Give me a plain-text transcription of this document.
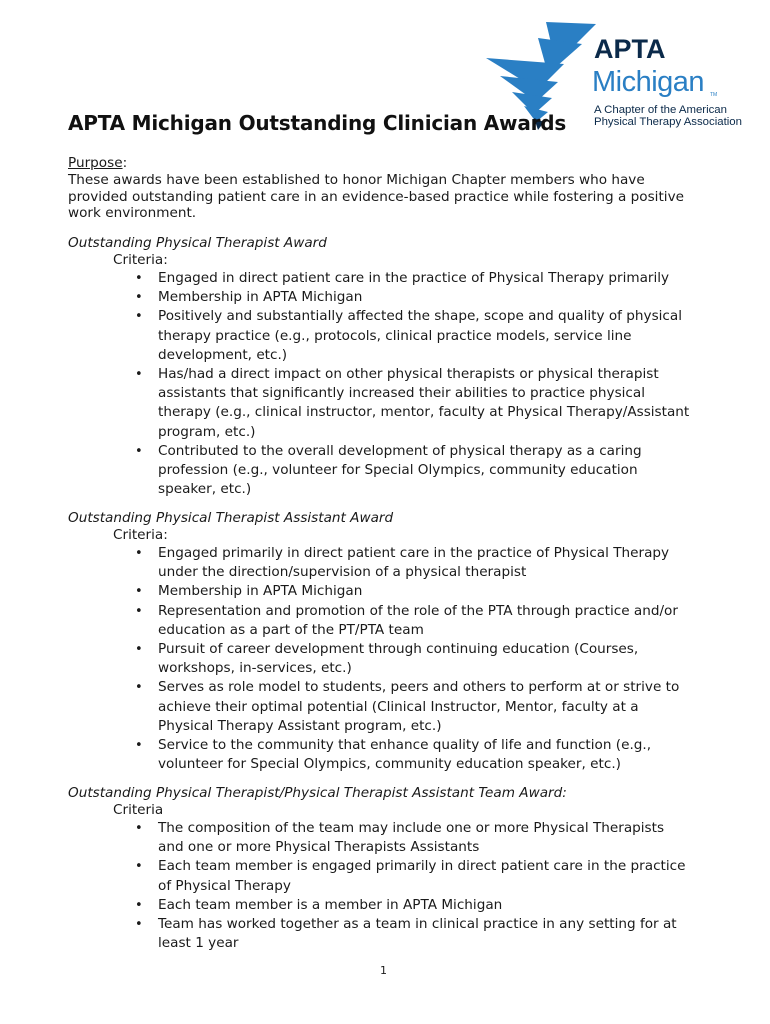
APTA
Michigan TM
A Chapter of the American
Physical Therapy Association
APTA Michigan Outstanding Clinician Awards
Purpose:
These awards have been established to honor Michigan Chapter members who have
provided outstanding patient care in an evidence-based practice while fostering a positive
work environment.
Outstanding Physical Therapist Award
Criteria:
• Engaged in direct patient care in the practice of Physical Therapy primarily
• Membership in APTA Michigan
• Positively and substantially affected the shape, scope and quality of physical
therapy practice (e.g., protocols, clinical practice models, service line
development, etc.)
• Has/had a direct impact on other physical therapists or physical therapist
assistants that significantly increased their abilities to practice physical
therapy (e.g., clinical instructor, mentor, faculty at Physical Therapy/Assistant
program, etc.)
• Contributed to the overall development of physical therapy as a caring
profession (e.g., volunteer for Special Olympics, community education
speaker, etc.)
Outstanding Physical Therapist Assistant Award
Criteria:
• Engaged primarily in direct patient care in the practice of Physical Therapy
under the direction/supervision of a physical therapist
• Membership in APTA Michigan
• Representation and promotion of the role of the PTA through practice and/or
education as a part of the PT/PTA team
• Pursuit of career development through continuing education (Courses,
workshops, in-services, etc.)
• Serves as role model to students, peers and others to perform at or strive to
achieve their optimal potential (Clinical Instructor, Mentor, faculty at a
Physical Therapy Assistant program, etc.)
• Service to the community that enhance quality of life and function (e.g.,
volunteer for Special Olympics, community education speaker, etc.)
Outstanding Physical Therapist/Physical Therapist Assistant Team Award:
Criteria
• The composition of the team may include one or more Physical Therapists
and one or more Physical Therapists Assistants
• Each team member is engaged primarily in direct patient care in the practice
of Physical Therapy
• Each team member is a member in APTA Michigan
• Team has worked together as a team in clinical practice in any setting for at
least 1 year
1
